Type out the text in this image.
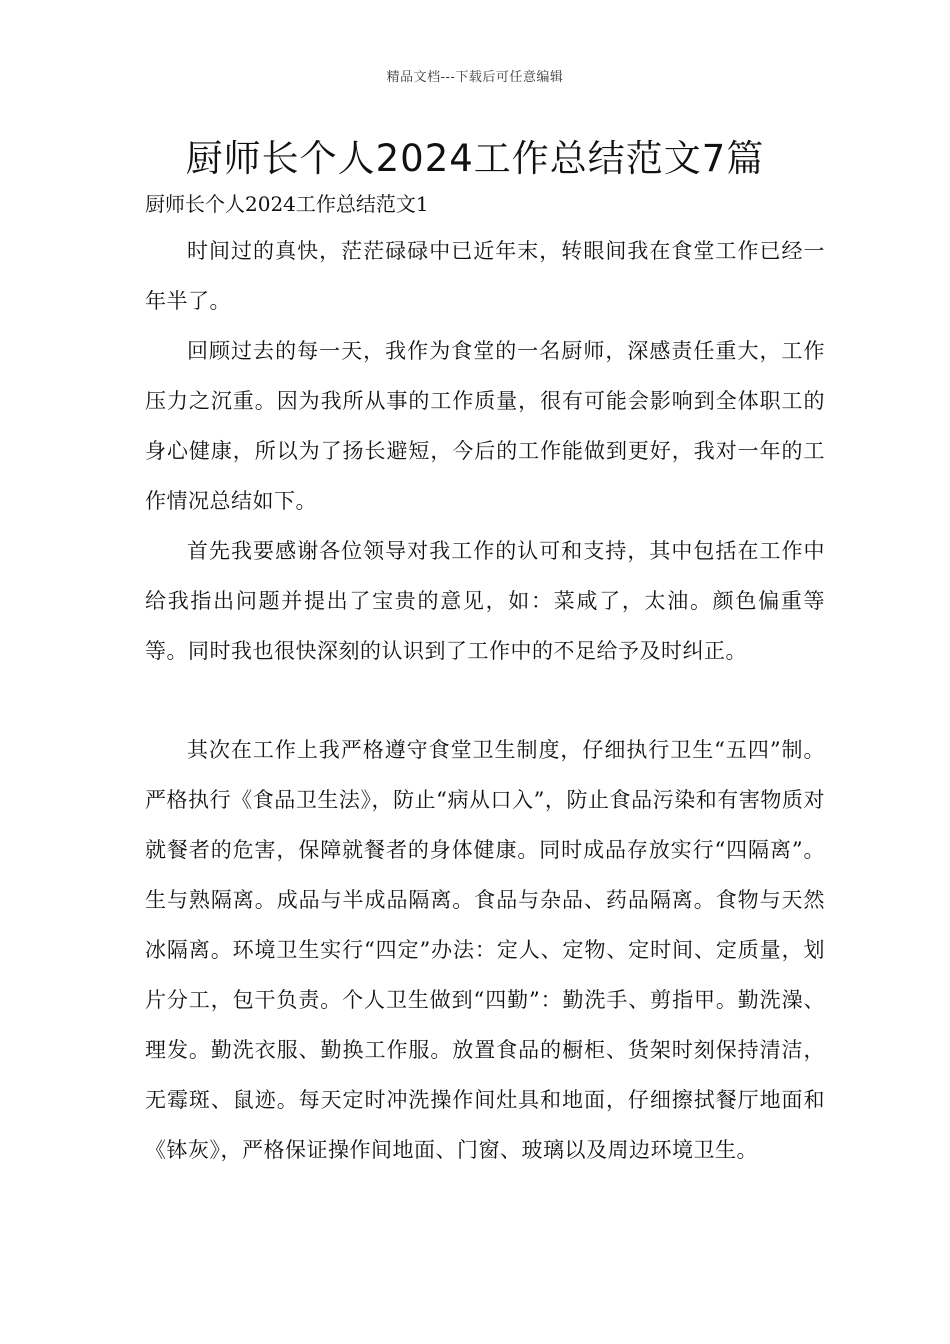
精品文档---下载后可任意编辑
厨师长个人2024工作总结范文7篇

厨师长个人2024工作总结范文1

时间过的真快，茫茫碌碌中已近年末，转眼间我在食堂工作已经一年半了。

回顾过去的每一天，我作为食堂的一名厨师，深感责任重大，工作压力之沉重。因为我所从事的工作质量，很有可能会影响到全体职工的身心健康，所以为了扬长避短，今后的工作能做到更好，我对一年的工作情况总结如下。

首先我要感谢各位领导对我工作的认可和支持，其中包括在工作中给我指出问题并提出了宝贵的意见，如：菜咸了，太油。颜色偏重等等。同时我也很快深刻的认识到了工作中的不足给予及时纠正。

其次在工作上我严格遵守食堂卫生制度，仔细执行卫生“五四”制。严格执行《食品卫生法》，防止“病从口入”，防止食品污染和有害物质对就餐者的危害，保障就餐者的身体健康。同时成品存放实行“四隔离”。生与熟隔离。成品与半成品隔离。食品与杂品、药品隔离。食物与天然冰隔离。环境卫生实行“四定”办法：定人、定物、定时间、定质量，划片分工，包干负责。个人卫生做到“四勤”：勤洗手、剪指甲。勤洗澡、理发。勤洗衣服、勤换工作服。放置食品的橱柜、货架时刻保持清洁，无霉斑、鼠迹。每天定时冲洗操作间灶具和地面，仔细擦拭餐厅地面和《钵灰》，严格保证操作间地面、门窗、玻璃以及周边环境卫生。
